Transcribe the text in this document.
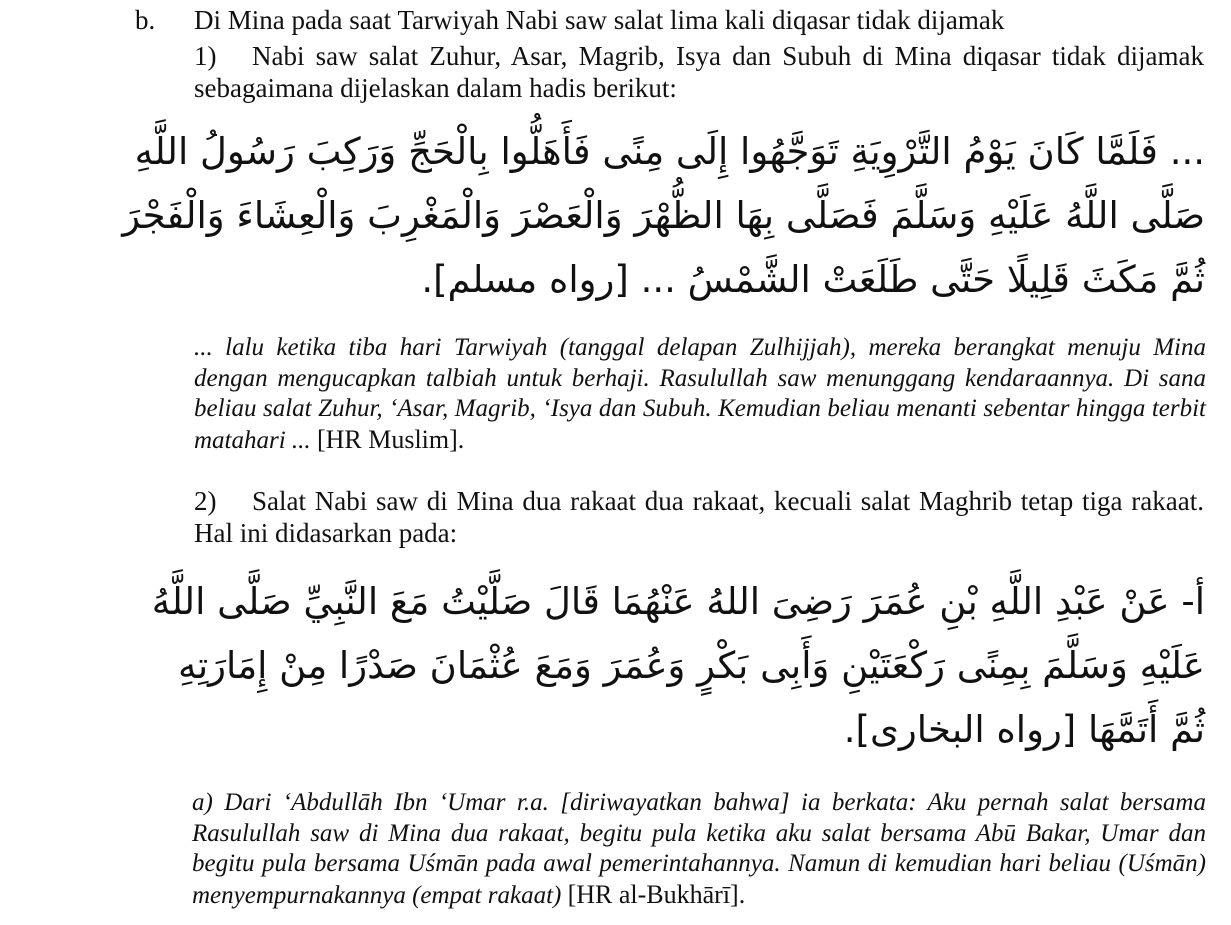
b. Di Mina pada saat Tarwiyah Nabi saw salat lima kali diqasar tidak dijamak
1) Nabi saw salat Zuhur, Asar, Magrib, Isya dan Subuh di Mina diqasar tidak dijamak sebagaimana dijelaskan dalam hadis berikut:
... فَلَمَّا كَانَ يَوْمُ التَّرْوِيَةِ تَوَجَّهُوا إِلَى مِنًى فَأَهَلُّوا بِالْحَجِّ وَرَكِبَ رَسُولُ اللَّهِ
صَلَّى اللَّهُ عَلَيْهِ وَسَلَّمَ فَصَلَّى بِهَا الظُّهْرَ وَالْعَصْرَ وَالْمَغْرِبَ وَالْعِشَاءَ وَالْفَجْرَ
ثُمَّ مَكَثَ قَلِيلًا حَتَّى طَلَعَتْ الشَّمْسُ ... [رواه مسلم].
... lalu ketika tiba hari Tarwiyah (tanggal delapan Zulhijjah), mereka berangkat menuju Mina dengan mengucapkan talbiah untuk berhaji. Rasulullah saw menunggang kendaraannya. Di sana beliau salat Zuhur, ‘Asar, Magrib, ‘Isya dan Subuh. Kemudian beliau menanti sebentar hingga terbit matahari ... [HR Muslim].
2) Salat Nabi saw di Mina dua rakaat dua rakaat, kecuali salat Maghrib tetap tiga rakaat. Hal ini didasarkan pada:
أ- عَنْ عَبْدِ اللَّهِ بْنِ عُمَرَ رَضِىَ اللهُ عَنْهُمَا قَالَ صَلَّيْتُ مَعَ النَّبِيِّ صَلَّى اللَّهُ
عَلَيْهِ وَسَلَّمَ بِمِنًى رَكْعَتَيْنِ وَأَبِى بَكْرٍ وَعُمَرَ وَمَعَ عُثْمَانَ صَدْرًا مِنْ إِمَارَتِهِ
ثُمَّ أَتَمَّهَا [رواه البخارى].
a) Dari ‘Abdullāh Ibn ‘Umar r.a. [diriwayatkan bahwa] ia berkata: Aku pernah salat bersama Rasulullah saw di Mina dua rakaat, begitu pula ketika aku salat bersama Abū Bakar, Umar dan begitu pula bersama Uśmān pada awal pemerintahannya. Namun di kemudian hari beliau (Uśmān) menyempurnakannya (empat rakaat) [HR al-Bukhārī].
